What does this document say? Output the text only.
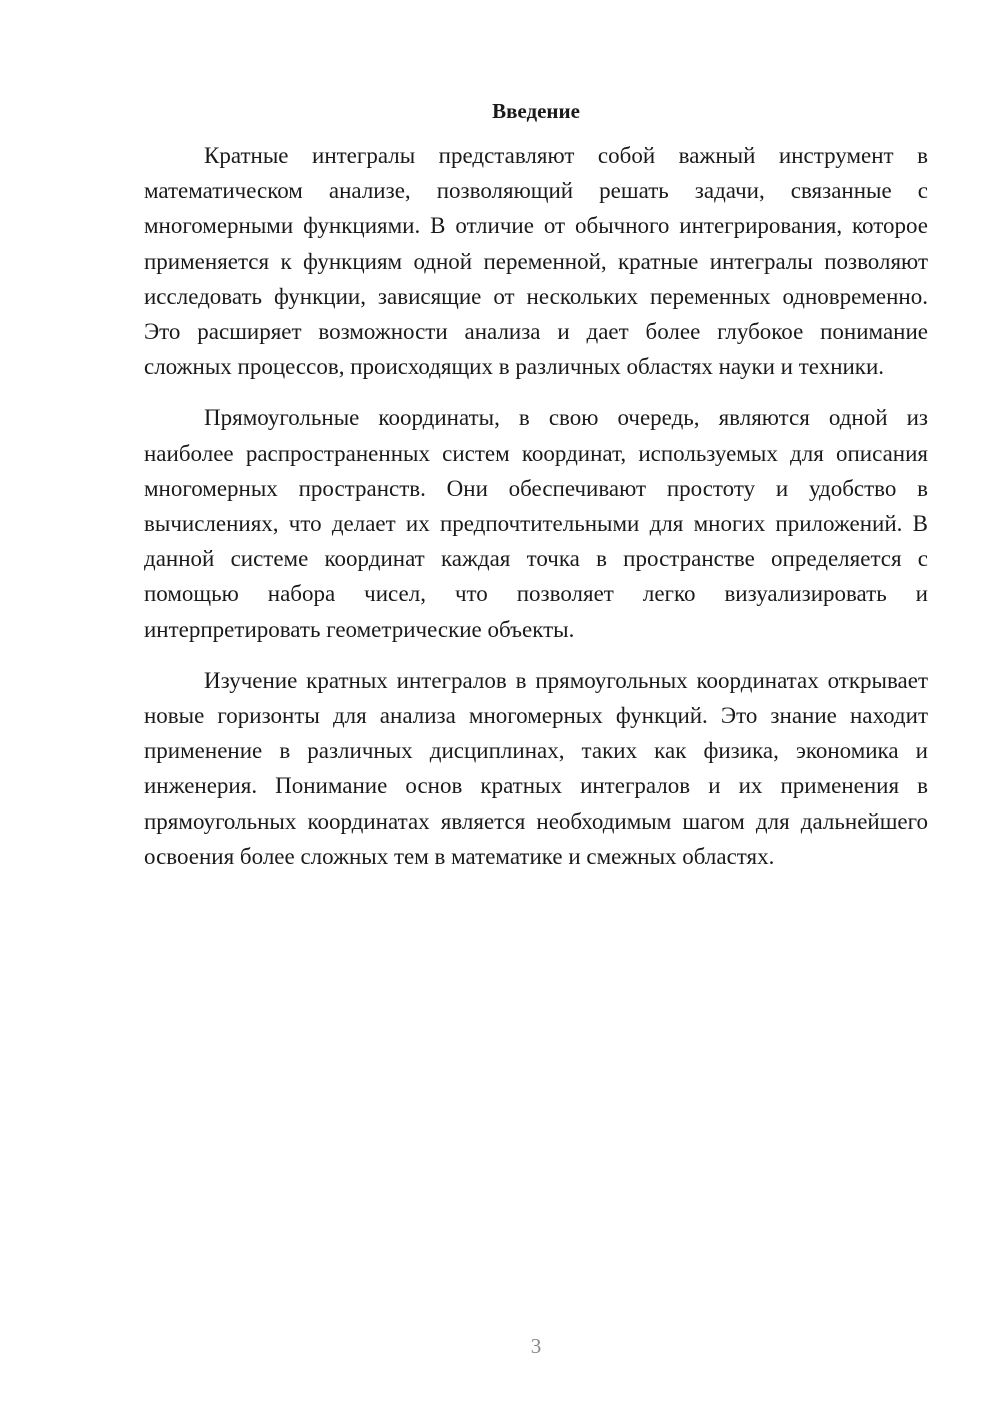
Введение

Кратные интегралы представляют собой важный инструмент в математическом анализе, позволяющий решать задачи, связанные с многомерными функциями. В отличие от обычного интегрирования, которое применяется к функциям одной переменной, кратные интегралы позволяют исследовать функции, зависящие от нескольких переменных одновременно. Это расширяет возможности анализа и дает более глубокое понимание сложных процессов, происходящих в различных областях науки и техники.

Прямоугольные координаты, в свою очередь, являются одной из наиболее распространенных систем координат, используемых для описания многомерных пространств. Они обеспечивают простоту и удобство в вычислениях, что делает их предпочтительными для многих приложений. В данной системе координат каждая точка в пространстве определяется с помощью набора чисел, что позволяет легко визуализировать и интерпретировать геометрические объекты.

Изучение кратных интегралов в прямоугольных координатах открывает новые горизонты для анализа многомерных функций. Это знание находит применение в различных дисциплинах, таких как физика, экономика и инженерия. Понимание основ кратных интегралов и их применения в прямоугольных координатах является необходимым шагом для дальнейшего освоения более сложных тем в математике и смежных областях.

3
